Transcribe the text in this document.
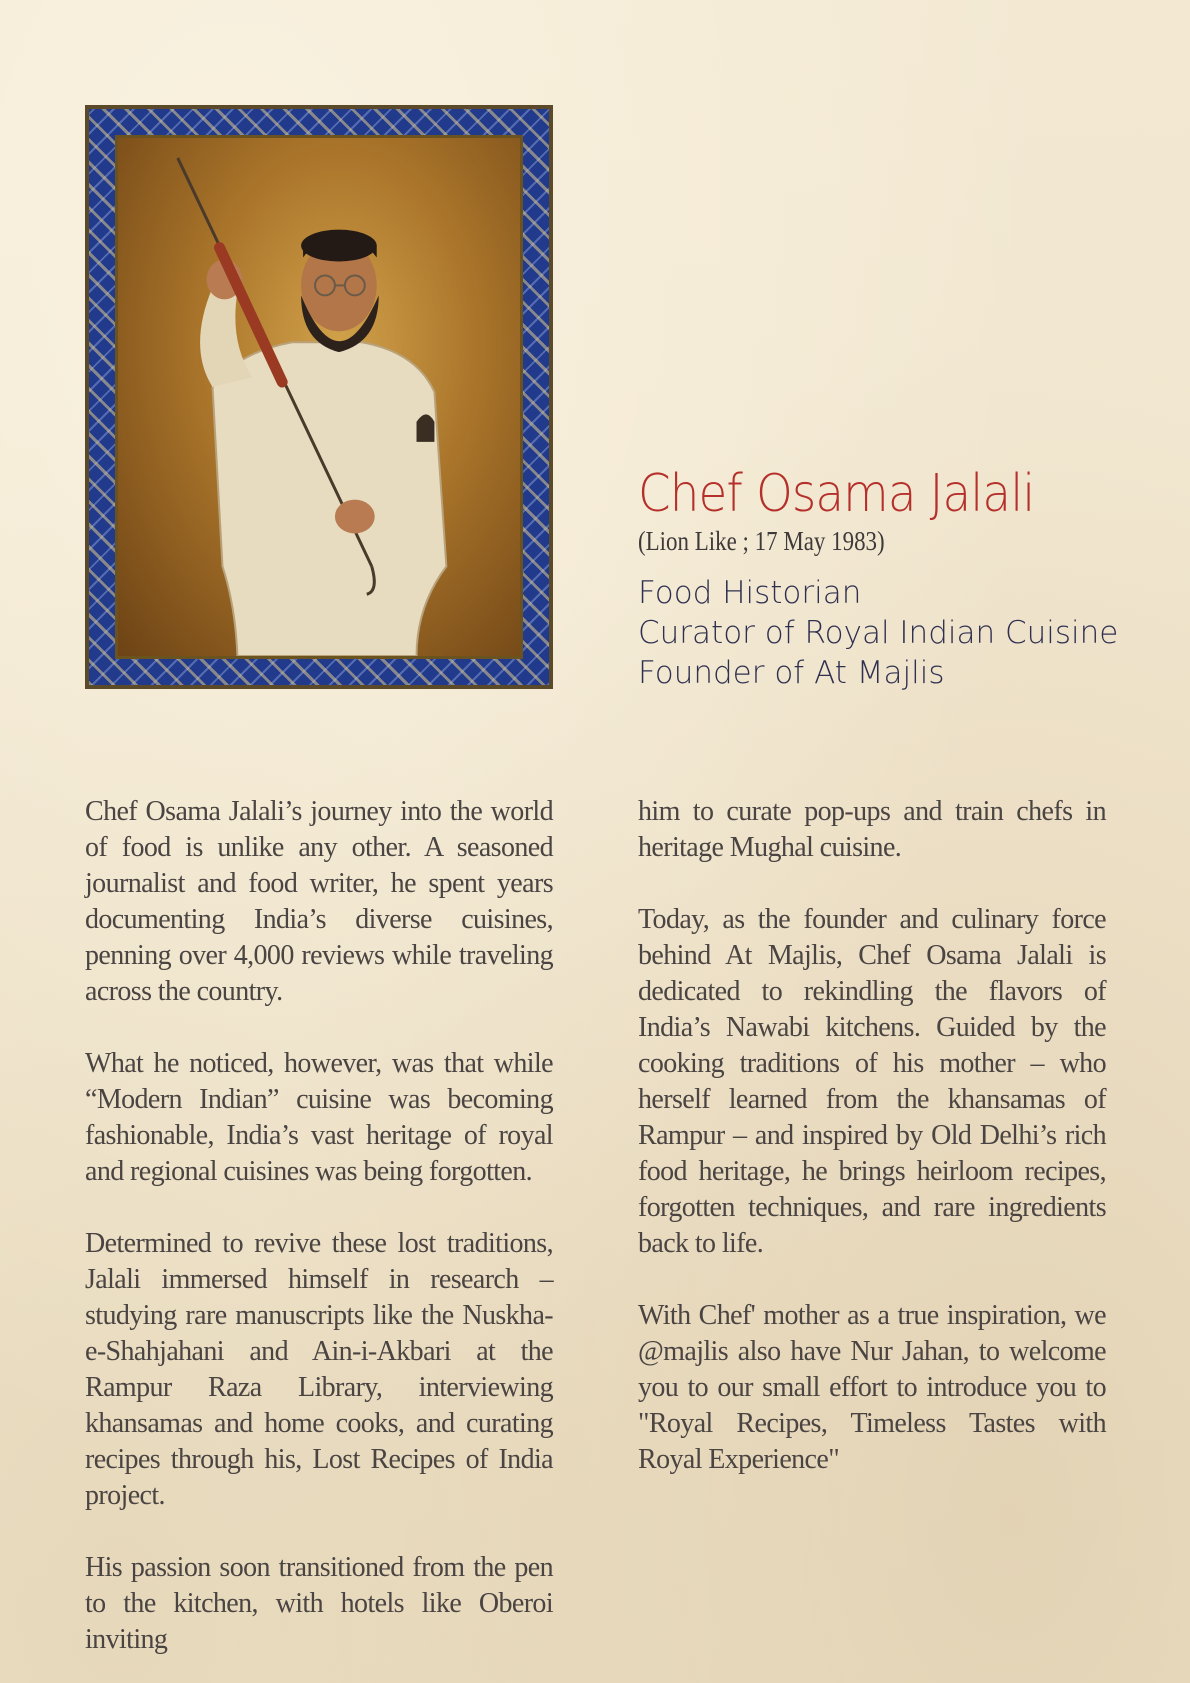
Chef Osama Jalali

(Lion Like ; 17 May 1983)

Food Historian

Curator of Royal Indian Cuisine

Founder of At Majlis

Chef Osama Jalali’s journey into the world of food is unlike any other. A seasoned journalist and food writer, he spent years documenting India’s diverse cuisines, penning over 4,000 reviews while traveling across the country.

What he noticed, however, was that while “Modern Indian” cuisine was becoming fashionable, India’s vast heritage of royal and regional cuisines was being forgotten.

Determined to revive these lost traditions, Jalali immersed himself in research – studying rare manuscripts like the Nuskha-e-Shahjahani and Ain-i-Akbari at the Rampur Raza Library, interviewing khansamas and home cooks, and curating recipes through his, Lost Recipes of India project.

His passion soon transitioned from the pen to the kitchen, with hotels like Oberoi inviting

him to curate pop-ups and train chefs in heritage Mughal cuisine.

Today, as the founder and culinary force behind At Majlis, Chef Osama Jalali is dedicated to rekindling the flavors of India’s Nawabi kitchens. Guided by the cooking traditions of his mother – who herself learned from the khansamas of Rampur – and inspired by Old Delhi’s rich food heritage, he brings heirloom recipes, forgotten techniques, and rare ingredients back to life.

With Chef' mother as a true inspiration, we @majlis also have Nur Jahan, to welcome you to our small effort to introduce you to "Royal Recipes, Timeless Tastes with Royal Experience"
